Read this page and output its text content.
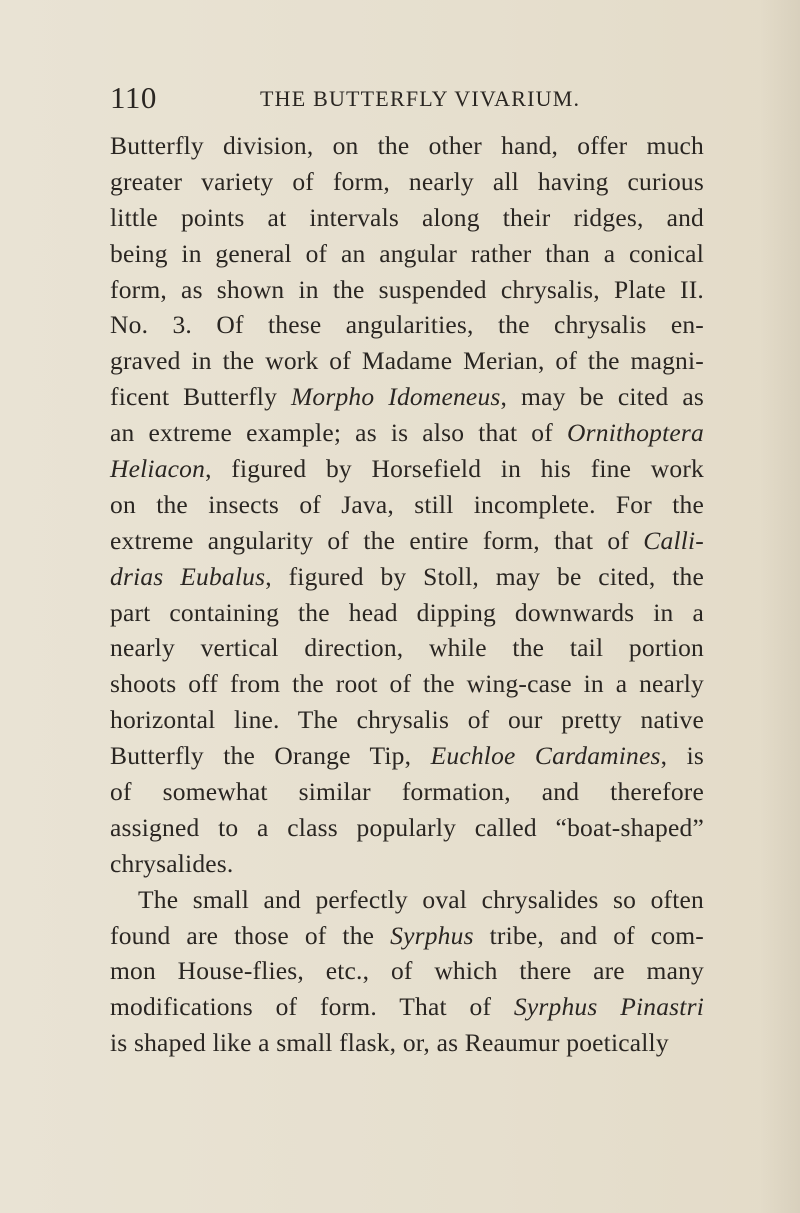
110	THE BUTTERFLY VIVARIUM.
Butterfly division, on the other hand, offer much
greater variety of form, nearly all having curious
little points at intervals along their ridges, and
being in general of an angular rather than a conical
form, as shown in the suspended chrysalis, Plate II.
No. 3. Of these angularities, the chrysalis en-
graved in the work of Madame Merian, of the magni-
ficent Butterfly Morpho Idomeneus, may be cited as
an extreme example; as is also that of Ornithoptera
Heliacon, figured by Horsefield in his fine work
on the insects of Java, still incomplete. For the
extreme angularity of the entire form, that of Calli-
drias Eubalus, figured by Stoll, may be cited, the
part containing the head dipping downwards in a
nearly vertical direction, while the tail portion
shoots off from the root of the wing-case in a nearly
horizontal line. The chrysalis of our pretty native
Butterfly the Orange Tip, Euchloe Cardamines, is
of somewhat similar formation, and therefore
assigned to a class popularly called “boat-shaped”
chrysalides.
The small and perfectly oval chrysalides so often
found are those of the Syrphus tribe, and of com-
mon House-flies, etc., of which there are many
modifications of form. That of Syrphus Pinastri
is shaped like a small flask, or, as Reaumur poetically
